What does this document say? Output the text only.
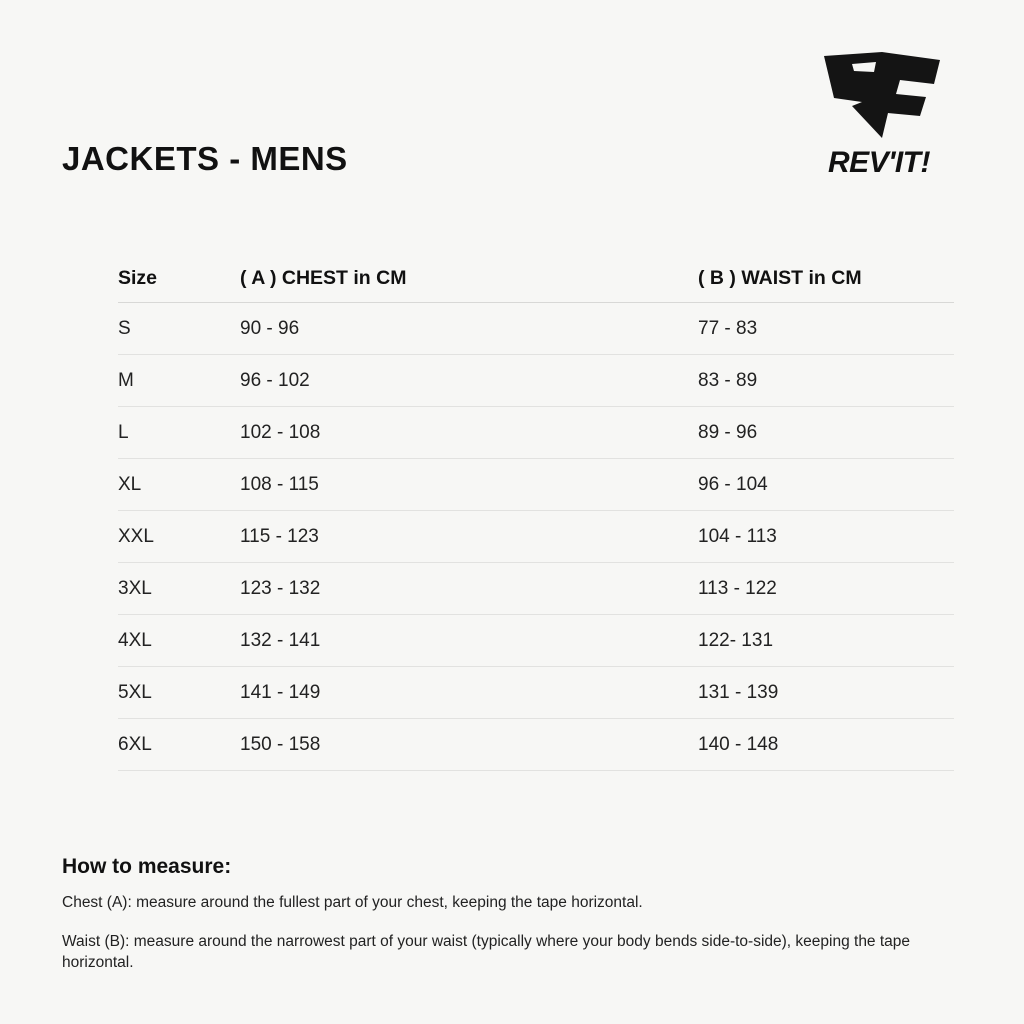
REV'IT!
JACKETS - MENS
Size	( A ) CHEST in CM	( B ) WAIST in CM
S	90 - 96	77 - 83
M	96 - 102	83 - 89
L	102 - 108	89 - 96
XL	108 - 115	96 - 104
XXL	115 - 123	104 - 113
3XL	123 - 132	113 - 122
4XL	132 - 141	122- 131
5XL	141 - 149	131 - 139
6XL	150 - 158	140 - 148
How to measure:

Chest (A): measure around the fullest part of your chest, keeping the tape horizontal.

Waist (B): measure around the narrowest part of your waist (typically where your body bends side-to-side), keeping the tape horizontal.
